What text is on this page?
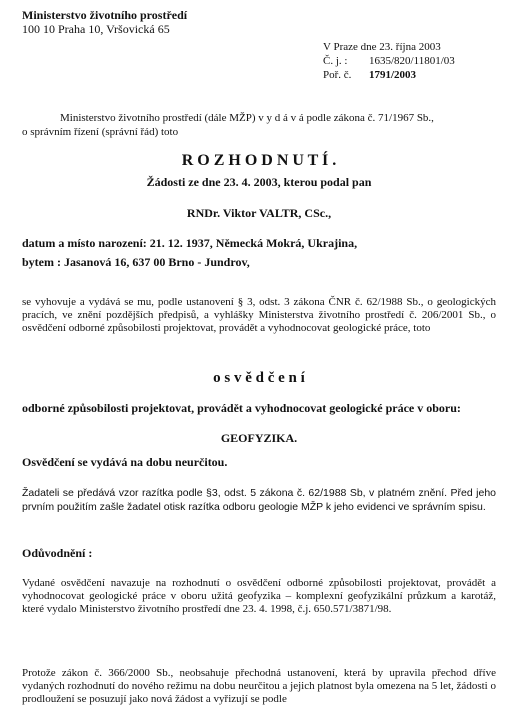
Ministerstvo životního prostředí
100 10 Praha 10, Vršovická 65
V Praze dne 23. října 2003
Č. j. :	1635/820/11801/03
Poř. č.	1791/2003
Ministerstvo životního prostředí (dále MŽP) v y d á v á podle zákona č. 71/1967 Sb.,
o správním řízení (správní řád) toto
R O Z H O D N U T Í .
Žádosti ze dne 23. 4. 2003, kterou podal pan
RNDr. Viktor VALTR, CSc.,
datum a místo narození: 21. 12. 1937, Německá Mokrá, Ukrajina,
bytem : Jasanová 16, 637 00 Brno - Jundrov,
se vyhovuje a vydává se mu, podle ustanovení § 3, odst. 3 zákona ČNR č. 62/1988 Sb., o geologických pracích, ve znění pozdějších předpisů, a vyhlášky Ministerstva životního prostředí č. 206/2001 Sb., o osvědčení odborné způsobilosti projektovat, provádět a vyhodnocovat geologické práce, toto
o s v ě d č e n í
odborné způsobilosti projektovat, provádět a vyhodnocovat geologické práce v oboru:
GEOFYZIKA.
Osvědčení se vydává na dobu neurčitou.
Žadateli se předává vzor razítka podle §3, odst. 5 zákona č. 62/1988 Sb, v platném znění. Před jeho prvním použitím zašle žadatel otisk razítka odboru geologie MŽP k jeho evidenci ve správním spisu.
Odůvodnění :
Vydané osvědčení navazuje na rozhodnutí o osvědčení odborné způsobilosti projektovat, provádět a vyhodnocovat geologické práce v oboru užitá geofyzika – komplexní geofyzikální průzkum a karotáž, které vydalo Ministerstvo životního prostředí dne 23. 4. 1998, č.j. 650.571/3871/98.
Protože zákon č. 366/2000 Sb., neobsahuje přechodná ustanovení, která by upravila přechod dříve vydaných rozhodnutí do nového režimu na dobu neurčitou a jejich platnost byla omezena na 5 let, žádosti o prodloužení se posuzují jako nová žádost a vyřizují se podle
